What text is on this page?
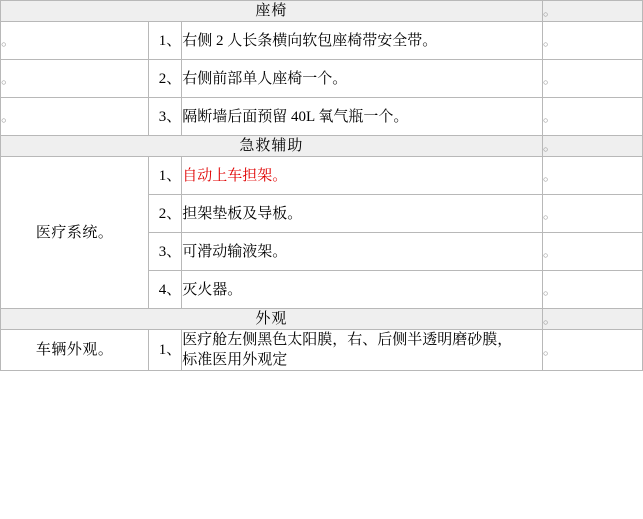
座椅			。
。	1、	右侧 2 人长条横向软包座椅带安全带。	。
。	2、	右侧前部单人座椅一个。	。
。	3、	隔断墙后面预留 40L 氧气瓶一个。	。
急救辅助			。
医疗系统。	1、	自动上车担架。	。
	2、	担架垫板及导板。	。
	3、	可滑动输液架。	。
	4、	灭火器。	。
外观			。
车辆外观。	1、	医疗舱左侧黑色太阳膜，右、后侧半透明磨砂膜，
标准医用外观定	。
